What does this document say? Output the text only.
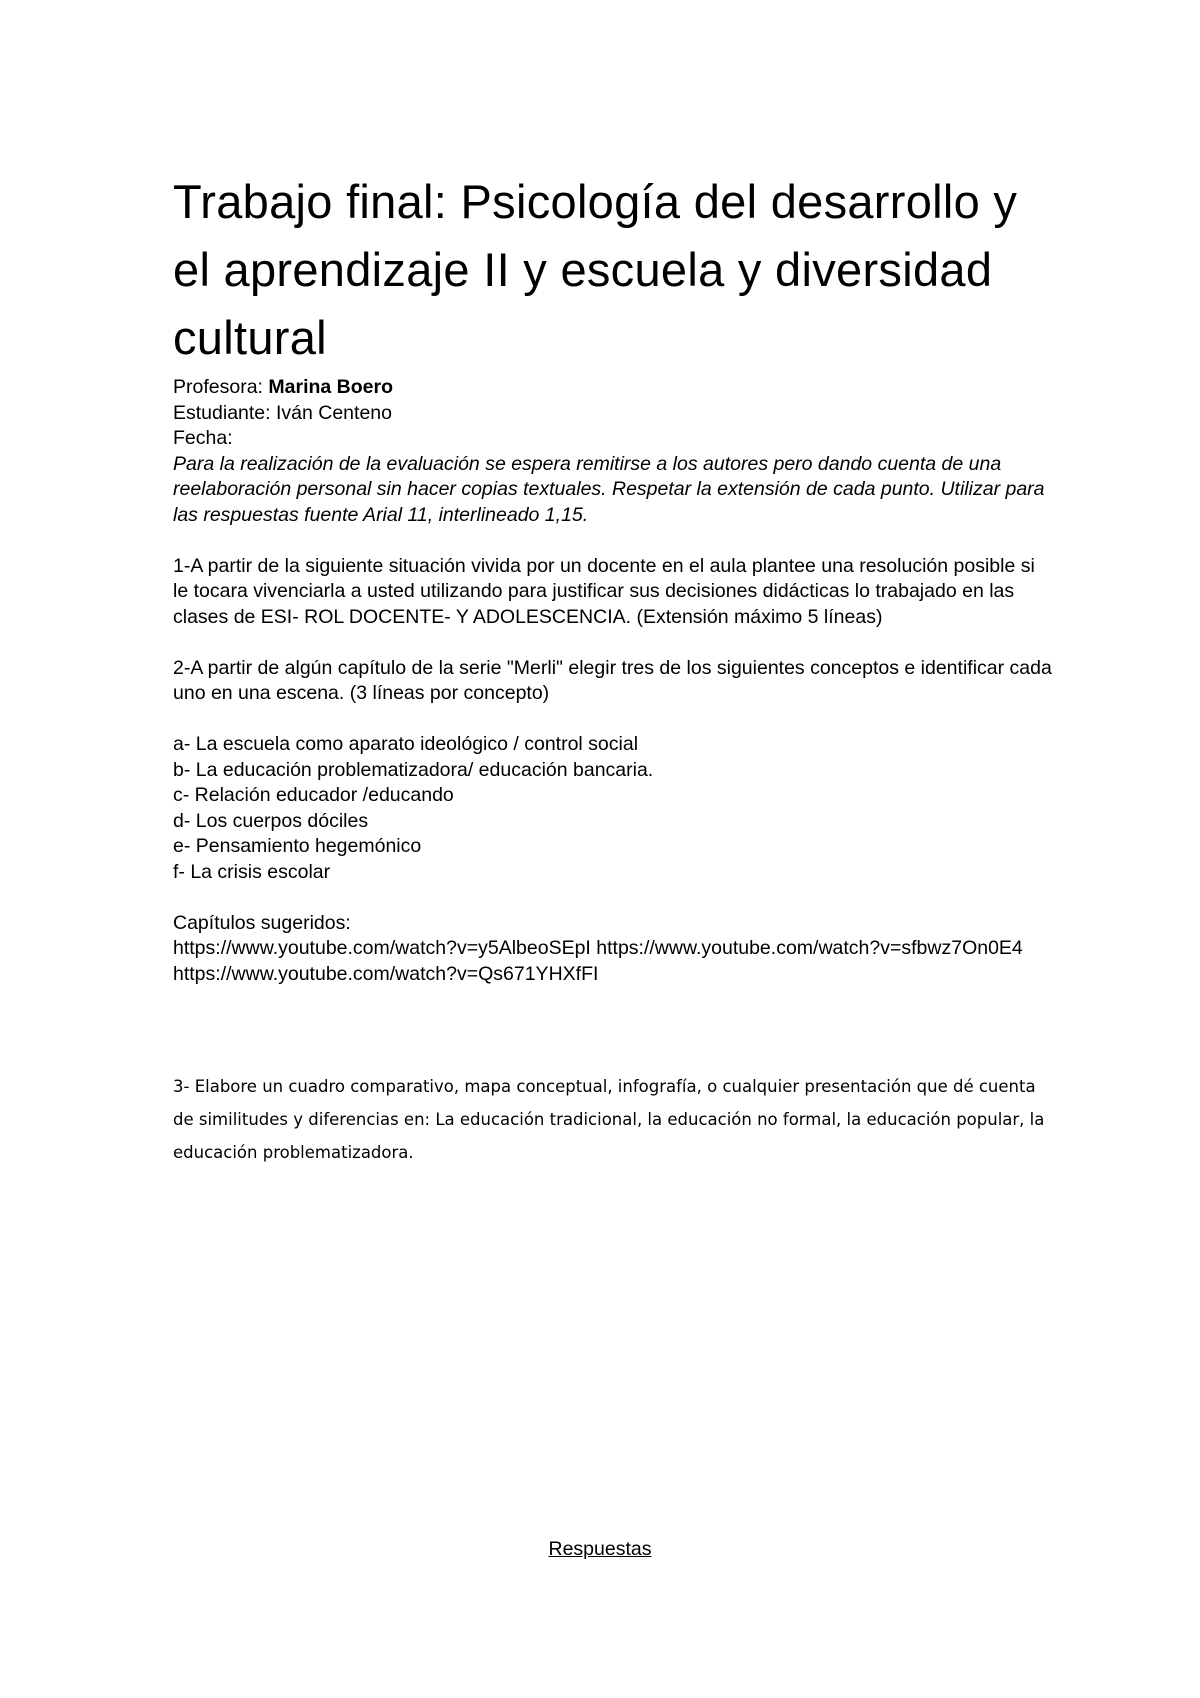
Trabajo final: Psicología del desarrollo y el aprendizaje II y escuela y diversidad cultural

Profesora: Marina Boero

Estudiante: Iván Centeno

Fecha:

Para la realización de la evaluación se espera remitirse a los autores pero dando cuenta de una reelaboración personal sin hacer copias textuales. Respetar la extensión de cada punto. Utilizar para las respuestas fuente Arial 11, interlineado 1,15.

1-A partir de la siguiente situación vivida por un docente en el aula plantee una resolución posible si le tocara vivenciarla a usted utilizando para justificar sus decisiones didácticas lo trabajado en las clases de ESI- ROL DOCENTE- Y ADOLESCENCIA. (Extensión máximo 5 líneas)

2-A partir de algún capítulo de la serie "Merli" elegir tres de los siguientes conceptos e identificar cada uno en una escena. (3 líneas por concepto)

a- La escuela como aparato ideológico / control social

b- La educación problematizadora/ educación bancaria.

c- Relación educador /educando

d- Los cuerpos dóciles

e- Pensamiento hegemónico

f- La crisis escolar

Capítulos sugeridos:

https://www.youtube.com/watch?v=y5AlbeoSEpI https://www.youtube.com/watch?v=sfbwz7On0E4 https://www.youtube.com/watch?v=Qs671YHXfFI

3- Elabore un cuadro comparativo, mapa conceptual, infografía, o cualquier presentación que dé cuenta de similitudes y diferencias en: La educación tradicional, la educación no formal, la educación popular, la educación problematizadora.

Respuestas
